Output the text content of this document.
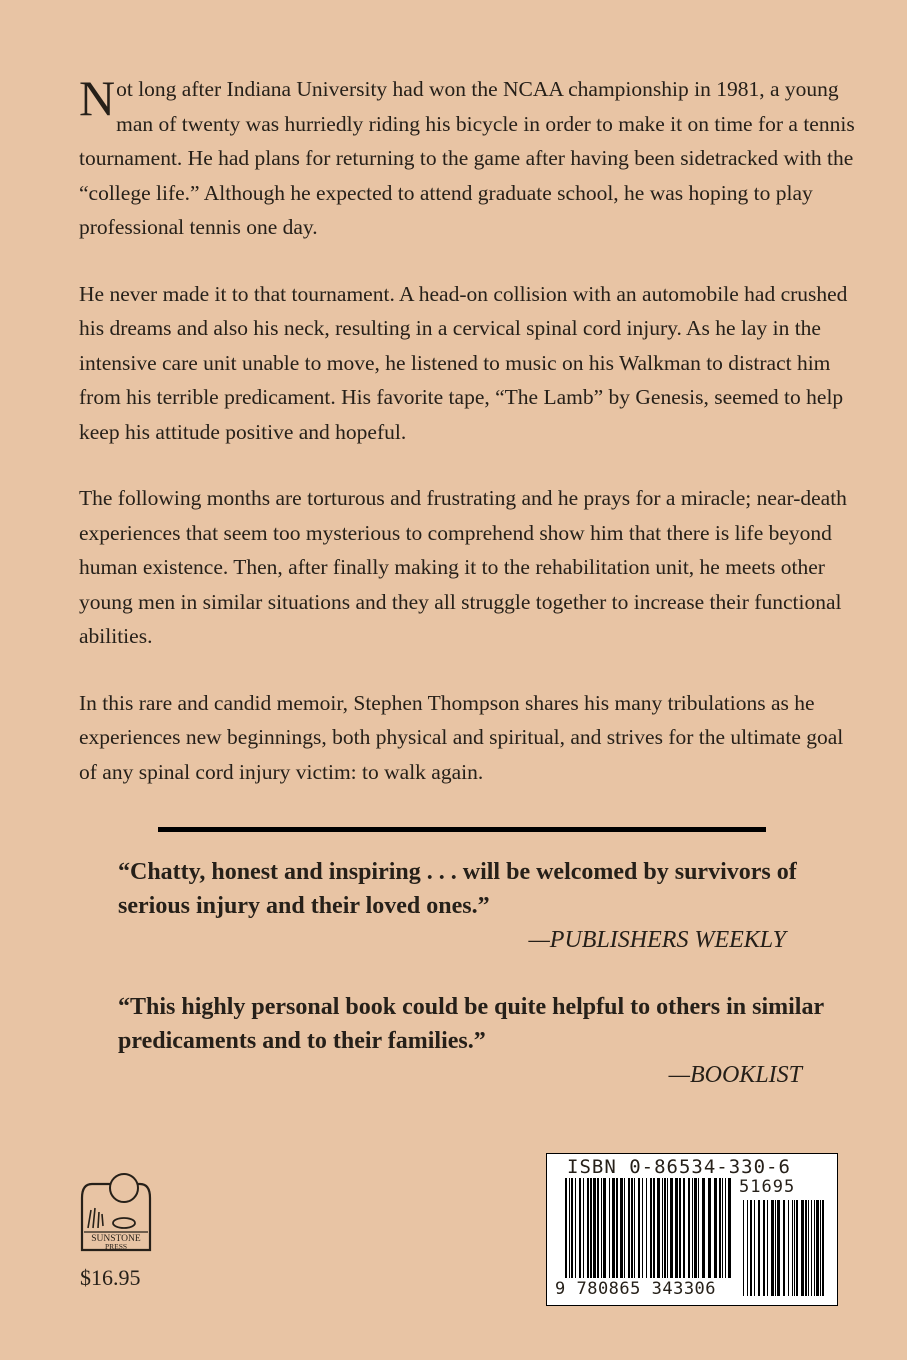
Not long after Indiana University had won the NCAA championship in 1981, a young man of twenty was hurriedly riding his bicycle in order to make it on time for a tennis tournament. He had plans for returning to the game after having been sidetracked with the “college life.” Although he expected to attend graduate school, he was hoping to play professional tennis one day.

He never made it to that tournament. A head-on collision with an automobile had crushed his dreams and also his neck, resulting in a cervical spinal cord injury. As he lay in the intensive care unit unable to move, he listened to music on his Walkman to distract him from his terrible predicament. His favorite tape, “The Lamb” by Genesis, seemed to help keep his attitude positive and hopeful.

The following months are torturous and frustrating and he prays for a miracle; near-death experiences that seem too mysterious to comprehend show him that there is life beyond human existence. Then, after finally making it to the rehabilitation unit, he meets other young men in similar situations and they all struggle together to increase their functional abilities.

In this rare and candid memoir, Stephen Thompson shares his many tribulations as he experiences new beginnings, both physical and spiritual, and strives for the ultimate goal of any spinal cord injury victim: to walk again.

“Chatty, honest and inspiring . . . will be welcomed by survivors of serious injury and their loved ones.”
—PUBLISHERS WEEKLY
“This highly personal book could be quite helpful to others in similar predicaments and to their families.”
—BOOKLIST
SUNSTONE
PRESS
$16.95
ISBN 0-86534-330-6
51695
9 780865 343306
